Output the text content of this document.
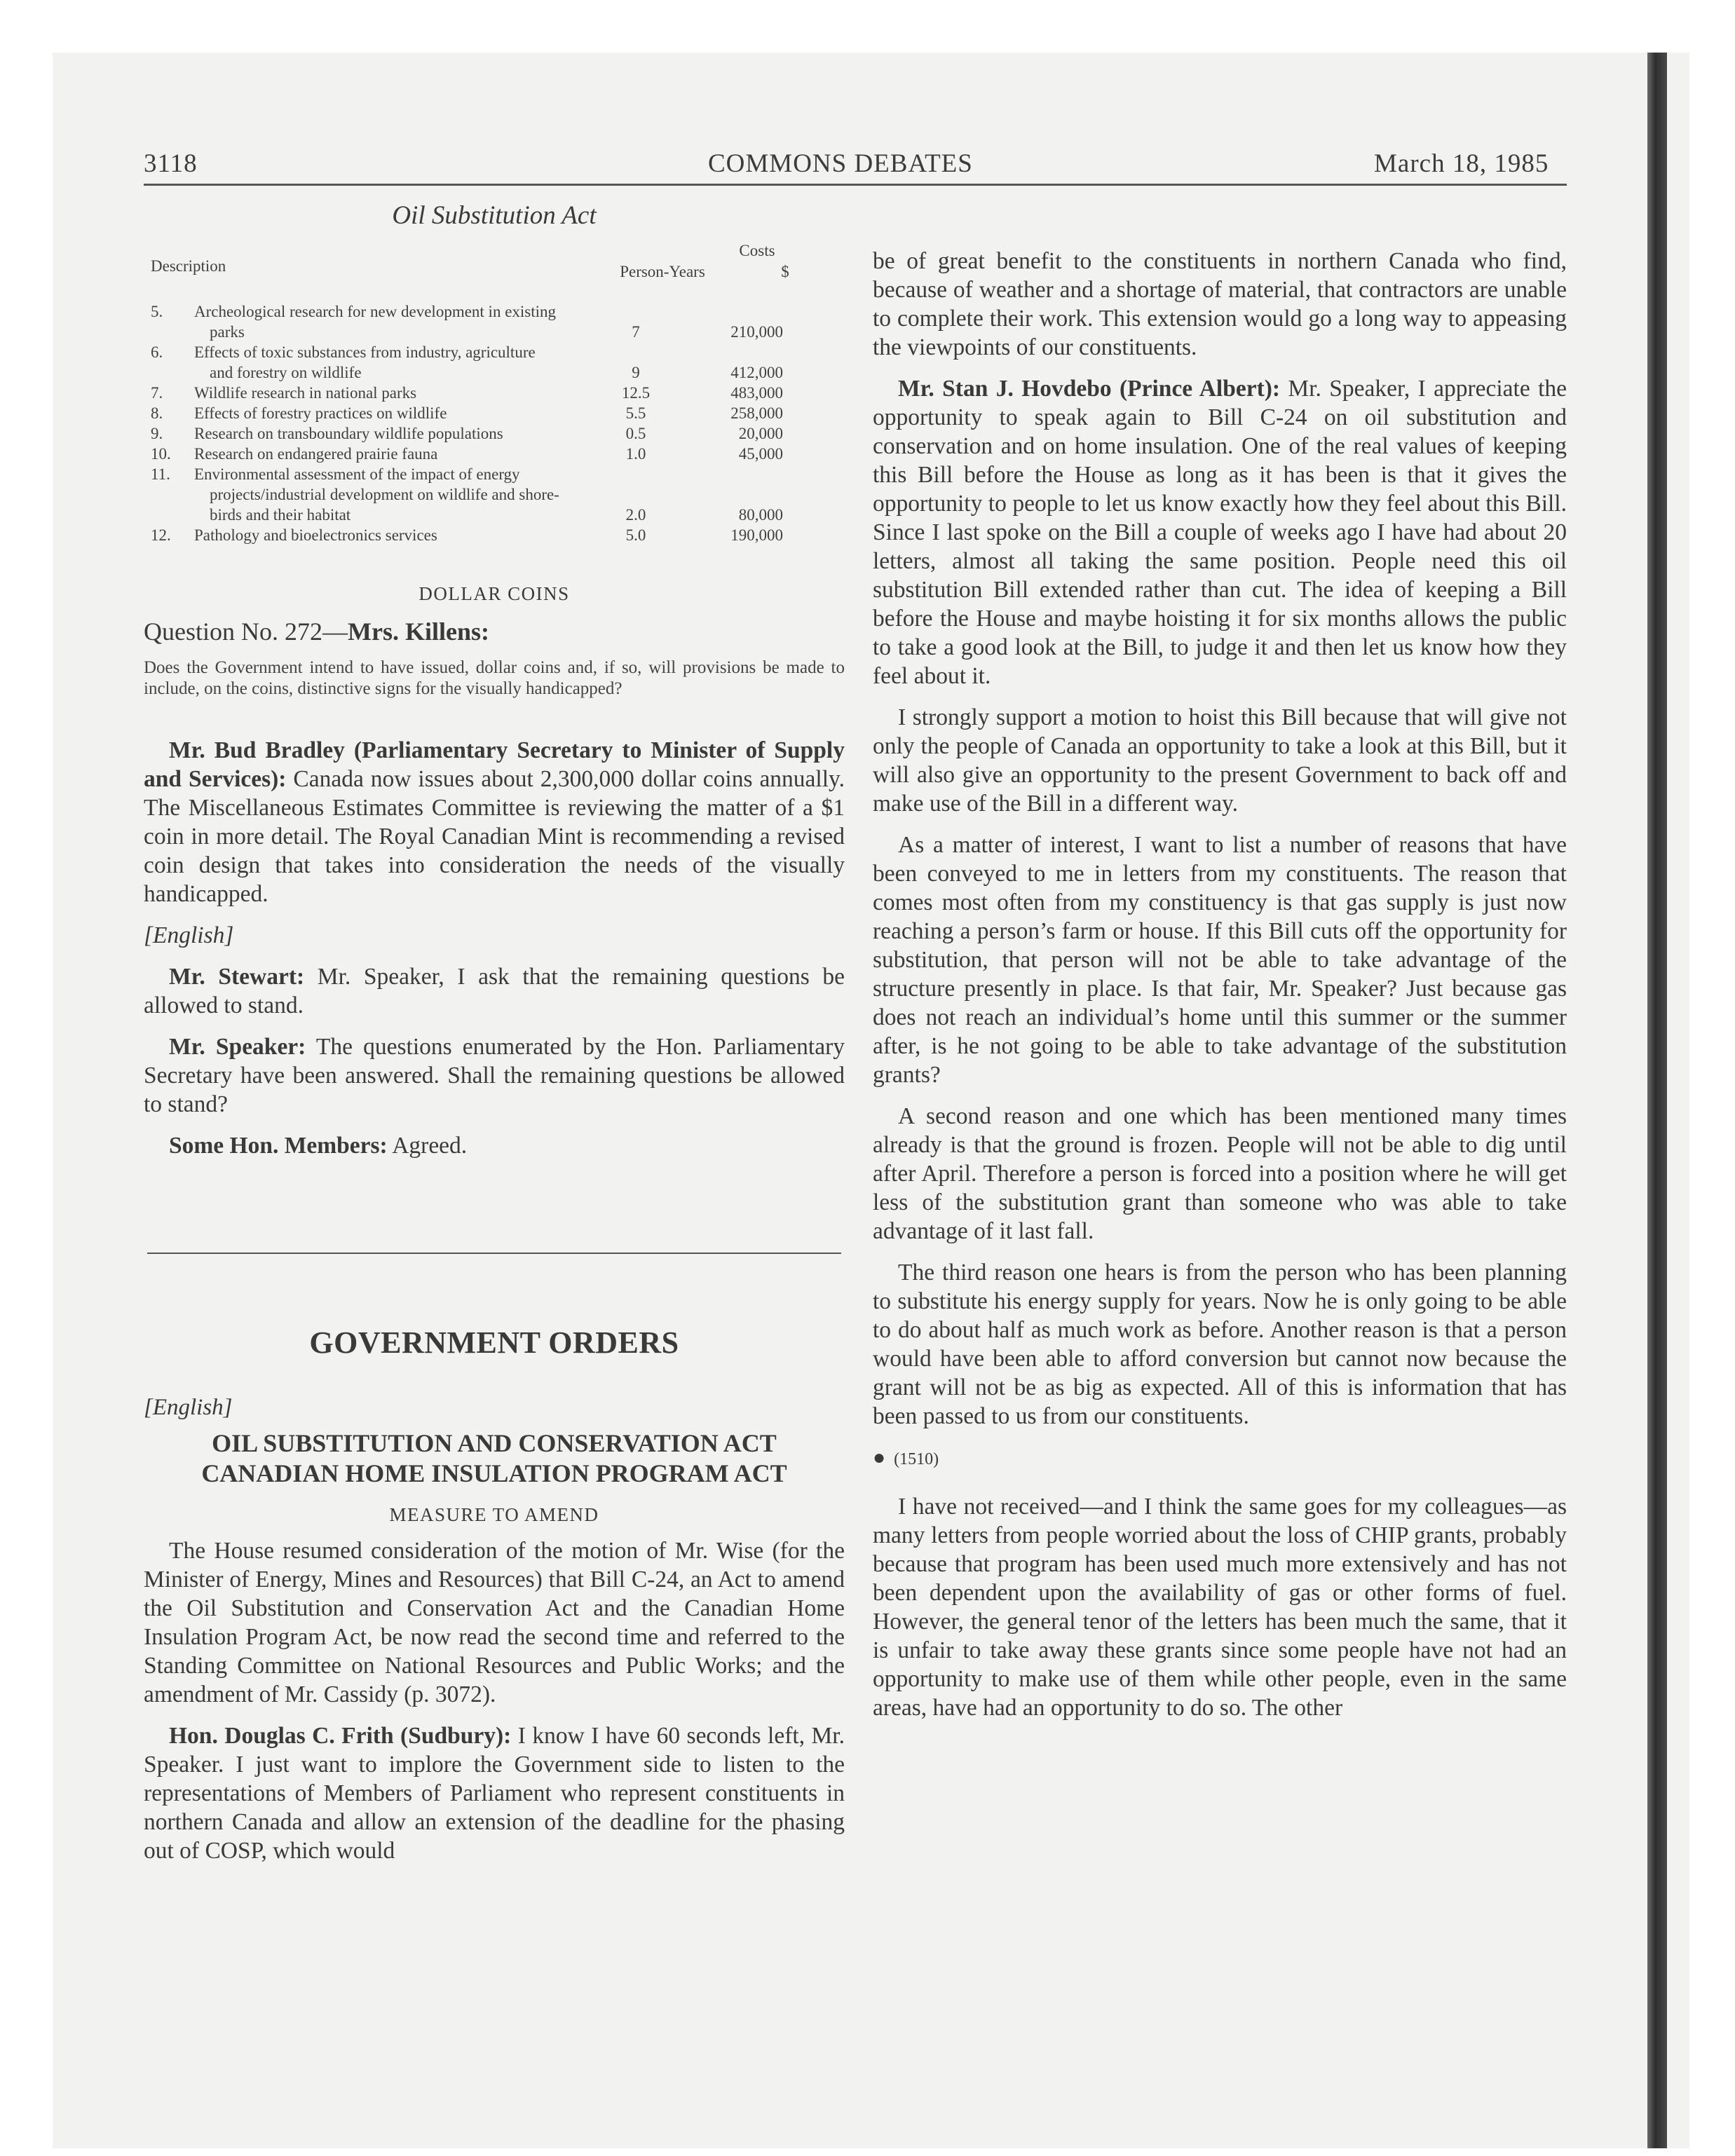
3118	COMMONS DEBATES	March 18, 1985
Oil Substitution Act
Description
Costs
Person-Years	$
5.	Archeological research for new development in existing
parks	7	210,000
6.	Effects of toxic substances from industry, agriculture
and forestry on wildlife	9	412,000
7.	Wildlife research in national parks	12.5	483,000
8.	Effects of forestry practices on wildlife	5.5	258,000
9.	Research on transboundary wildlife populations	0.5	20,000
10.	Research on endangered prairie fauna	1.0	45,000
11.	Environmental assessment of the impact of energy
projects/industrial development on wildlife and shore-
birds and their habitat	2.0	80,000
12.	Pathology and bioelectronics services	5.0	190,000
DOLLAR COINS
Question No. 272—Mrs. Killens:
Does the Government intend to have issued, dollar coins and, if so, will provisions be made to include, on the coins, distinctive signs for the visually handicapped?

Mr. Bud Bradley (Parliamentary Secretary to Minister of Supply and Services): Canada now issues about 2,300,000 dollar coins annually. The Miscellaneous Estimates Committee is reviewing the matter of a $1 coin in more detail. The Royal Canadian Mint is recommending a revised coin design that takes into consideration the needs of the visually handicapped.

[English]

Mr. Stewart: Mr. Speaker, I ask that the remaining questions be allowed to stand.

Mr. Speaker: The questions enumerated by the Hon. Parliamentary Secretary have been answered. Shall the remaining questions be allowed to stand?

Some Hon. Members: Agreed.

GOVERNMENT ORDERS
[English]
OIL SUBSTITUTION AND CONSERVATION ACT
CANADIAN HOME INSULATION PROGRAM ACT
MEASURE TO AMEND

The House resumed consideration of the motion of Mr. Wise (for the Minister of Energy, Mines and Resources) that Bill C-24, an Act to amend the Oil Substitution and Conservation Act and the Canadian Home Insulation Program Act, be now read the second time and referred to the Standing Committee on National Resources and Public Works; and the amendment of Mr. Cassidy (p. 3072).

Hon. Douglas C. Frith (Sudbury): I know I have 60 seconds left, Mr. Speaker. I just want to implore the Government side to listen to the representations of Members of Parliament who represent constituents in northern Canada and allow an extension of the deadline for the phasing out of COSP, which would

be of great benefit to the constituents in northern Canada who find, because of weather and a shortage of material, that contractors are unable to complete their work. This extension would go a long way to appeasing the viewpoints of our constituents.

Mr. Stan J. Hovdebo (Prince Albert): Mr. Speaker, I appreciate the opportunity to speak again to Bill C-24 on oil substitution and conservation and on home insulation. One of the real values of keeping this Bill before the House as long as it has been is that it gives the opportunity to people to let us know exactly how they feel about this Bill. Since I last spoke on the Bill a couple of weeks ago I have had about 20 letters, almost all taking the same position. People need this oil substitution Bill extended rather than cut. The idea of keeping a Bill before the House and maybe hoisting it for six months allows the public to take a good look at the Bill, to judge it and then let us know how they feel about it.

I strongly support a motion to hoist this Bill because that will give not only the people of Canada an opportunity to take a look at this Bill, but it will also give an opportunity to the present Government to back off and make use of the Bill in a different way.

As a matter of interest, I want to list a number of reasons that have been conveyed to me in letters from my constituents. The reason that comes most often from my constituency is that gas supply is just now reaching a person’s farm or house. If this Bill cuts off the opportunity for substitution, that person will not be able to take advantage of the structure presently in place. Is that fair, Mr. Speaker? Just because gas does not reach an individual’s home until this summer or the summer after, is he not going to be able to take advantage of the substitution grants?

A second reason and one which has been mentioned many times already is that the ground is frozen. People will not be able to dig until after April. Therefore a person is forced into a position where he will get less of the substitution grant than someone who was able to take advantage of it last fall.

The third reason one hears is from the person who has been planning to substitute his energy supply for years. Now he is only going to be able to do about half as much work as before. Another reason is that a person would have been able to afford conversion but cannot now because the grant will not be as big as expected. All of this is information that has been passed to us from our constituents.

● (1510)

I have not received—and I think the same goes for my colleagues—as many letters from people worried about the loss of CHIP grants, probably because that program has been used much more extensively and has not been dependent upon the availability of gas or other forms of fuel. However, the general tenor of the letters has been much the same, that it is unfair to take away these grants since some people have not had an opportunity to make use of them while other people, even in the same areas, have had an opportunity to do so. The other
